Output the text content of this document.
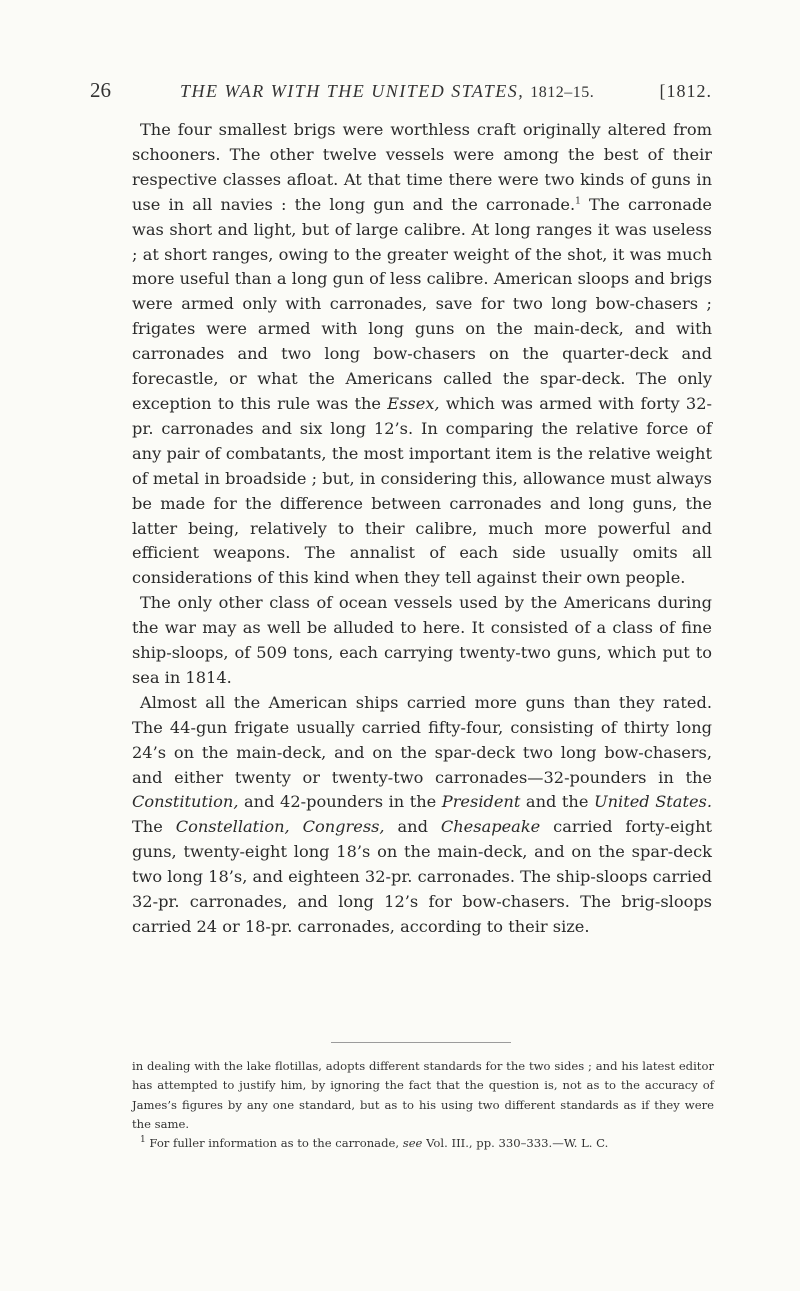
26	THE WAR WITH THE UNITED STATES, 1812–15.	[1812.

The four smallest brigs were worthless craft originally altered from schooners. The other twelve vessels were among the best of their respective classes afloat. At that time there were two kinds of guns in use in all navies : the long gun and the carronade.$^1$ The carronade was short and light, but of large calibre. At long ranges it was useless ; at short ranges, owing to the greater weight of the shot, it was much more useful than a long gun of less calibre. American sloops and brigs were armed only with carronades, save for two long bow-chasers ; frigates were armed with long guns on the main-deck, and with carronades and two long bow-chasers on the quarter-deck and forecastle, or what the Americans called the spar-deck. The only exception to this rule was the Essex, which was armed with forty 32-pr. carronades and six long 12’s. In comparing the relative force of any pair of combatants, the most important item is the relative weight of metal in broadside ; but, in considering this, allowance must always be made for the difference between carronades and long guns, the latter being, relatively to their calibre, much more powerful and efficient weapons. The annalist of each side usually omits all considerations of this kind when they tell against their own people.

The only other class of ocean vessels used by the Americans during the war may as well be alluded to here. It consisted of a class of fine ship-sloops, of 509 tons, each carrying twenty-two guns, which put to sea in 1814.

Almost all the American ships carried more guns than they rated. The 44-gun frigate usually carried fifty-four, consisting of thirty long 24’s on the main-deck, and on the spar-deck two long bow-chasers, and either twenty or twenty-two carronades—32-pounders in the Constitution, and 42-pounders in the President and the United States. The Constellation, Congress, and Chesapeake carried forty-eight guns, twenty-eight long 18’s on the main-deck, and on the spar-deck two long 18’s, and eighteen 32-pr. carronades. The ship-sloops carried 32-pr. carronades, and long 12’s for bow-chasers. The brig-sloops carried 24 or 18-pr. carronades, according to their size.

in dealing with the lake flotillas, adopts different standards for the two sides ; and his latest editor has attempted to justify him, by ignoring the fact that the question is, not as to the accuracy of James’s figures by any one standard, but as to his using two different standards as if they were the same.

$^1$ For fuller information as to the carronade, see Vol. III., pp. 330–333.—W. L. C.
